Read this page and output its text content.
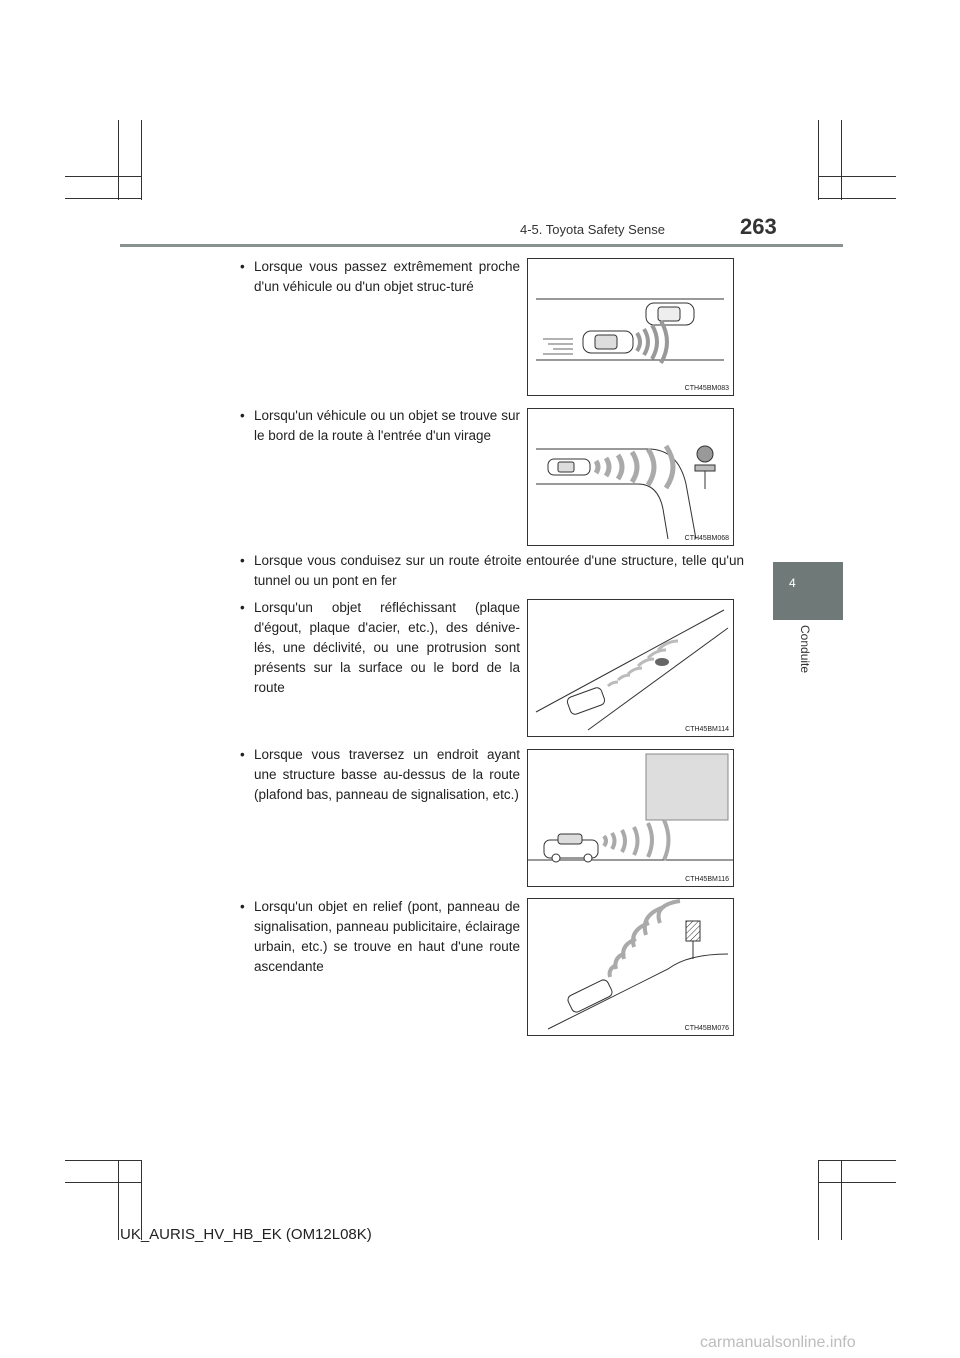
4-5. Toyota Safety Sense	263
4
Conduite
• Lorsque vous passez extrêmement proche d'un véhicule ou d'un objet struc-turé
• Lorsqu'un véhicule ou un objet se trouve sur le bord de la route à l'entrée d'un virage
• Lorsque vous conduisez sur un route étroite entourée d'une structure, telle qu'un tunnel ou un pont en fer
• Lorsqu'un objet réfléchissant (plaque d'égout, plaque d'acier, etc.), des dénive-lés, une déclivité, ou une protrusion sont présents sur la surface ou le bord de la route
• Lorsque vous traversez un endroit ayant une structure basse au-dessus de la route (plafond bas, panneau de signalisation, etc.)
• Lorsqu'un objet en relief (pont, panneau de signalisation, panneau publicitaire, éclairage urbain, etc.) se trouve en haut d'une route ascendante
CTH45BM083
CTH45BM068
CTH45BM114
CTH45BM116
CTH45BM076
UK_AURIS_HV_HB_EK (OM12L08K)
carmanualsonline.info
